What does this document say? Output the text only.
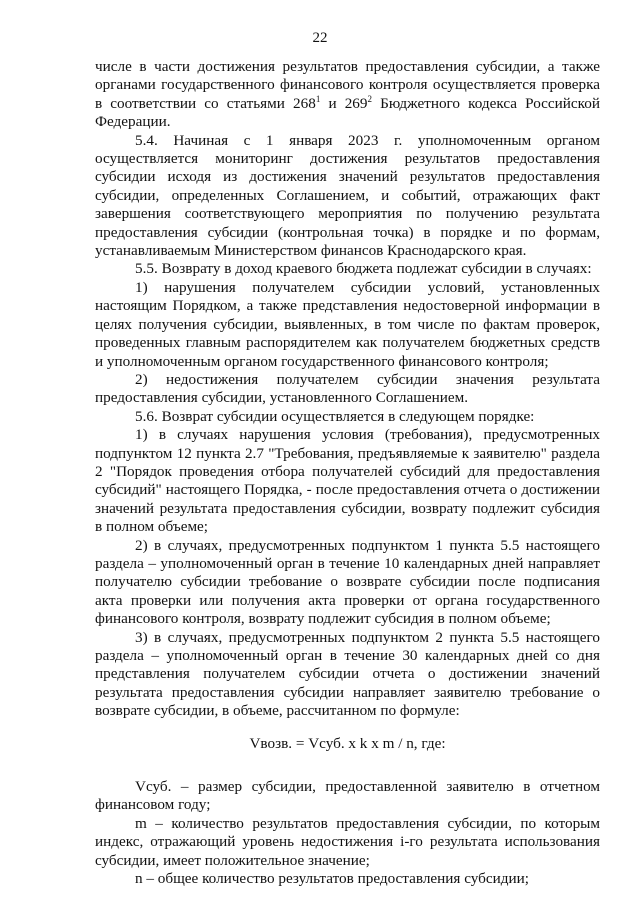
22

числе в части достижения результатов предоставления субсидии, а также органами государственного финансового контроля осуществляется проверка в соответствии со статьями $268^1$ и $269^2$ Бюджетного кодекса Российской Федерации.

5.4. Начиная с 1 января 2023 г. уполномоченным органом осуществляется мониторинг достижения результатов предоставления субсидии исходя из достижения значений результатов предоставления субсидии, определенных Соглашением, и событий, отражающих факт завершения соответствующего мероприятия по получению результата предоставления субсидии (контрольная точка) в порядке и по формам, устанавливаемым Министерством финансов Краснодарского края.

5.5. Возврату в доход краевого бюджета подлежат субсидии в случаях:

1) нарушения получателем субсидии условий, установленных настоящим Порядком, а также представления недостоверной информации в целях получения субсидии, выявленных, в том числе по фактам проверок, проведенных главным распорядителем как получателем бюджетных средств и уполномоченным органом государственного финансового контроля;

2) недостижения получателем субсидии значения результата предоставления субсидии, установленного Соглашением.

5.6. Возврат субсидии осуществляется в следующем порядке:

1) в случаях нарушения условия (требования), предусмотренных подпунктом 12 пункта 2.7 "Требования, предъявляемые к заявителю" раздела 2 "Порядок проведения отбора получателей субсидий для предоставления субсидий" настоящего Порядка, - после предоставления отчета о достижении значений результата предоставления субсидии, возврату подлежит субсидия в полном объеме;

2) в случаях, предусмотренных подпунктом 1 пункта 5.5 настоящего раздела – уполномоченный орган в течение 10 календарных дней направляет получателю субсидии требование о возврате субсидии после подписания акта проверки или получения акта проверки от органа государственного финансового контроля, возврату подлежит субсидия в полном объеме;

3) в случаях, предусмотренных подпунктом 2 пункта 5.5 настоящего раздела – уполномоченный орган в течение 30 календарных дней со дня представления получателем субсидии отчета о достижении значений результата предоставления субсидии направляет заявителю требование о возврате субсидии, в объеме, рассчитанном по формуле:

Vвозв. = Vсуб. x k x m / n, где:

Vсуб. – размер субсидии, предоставленной заявителю в отчетном финансовом году;

m – количество результатов предоставления субсидии, по которым индекс, отражающий уровень недостижения i-го результата использования субсидии, имеет положительное значение;

n – общее количество результатов предоставления субсидии;
